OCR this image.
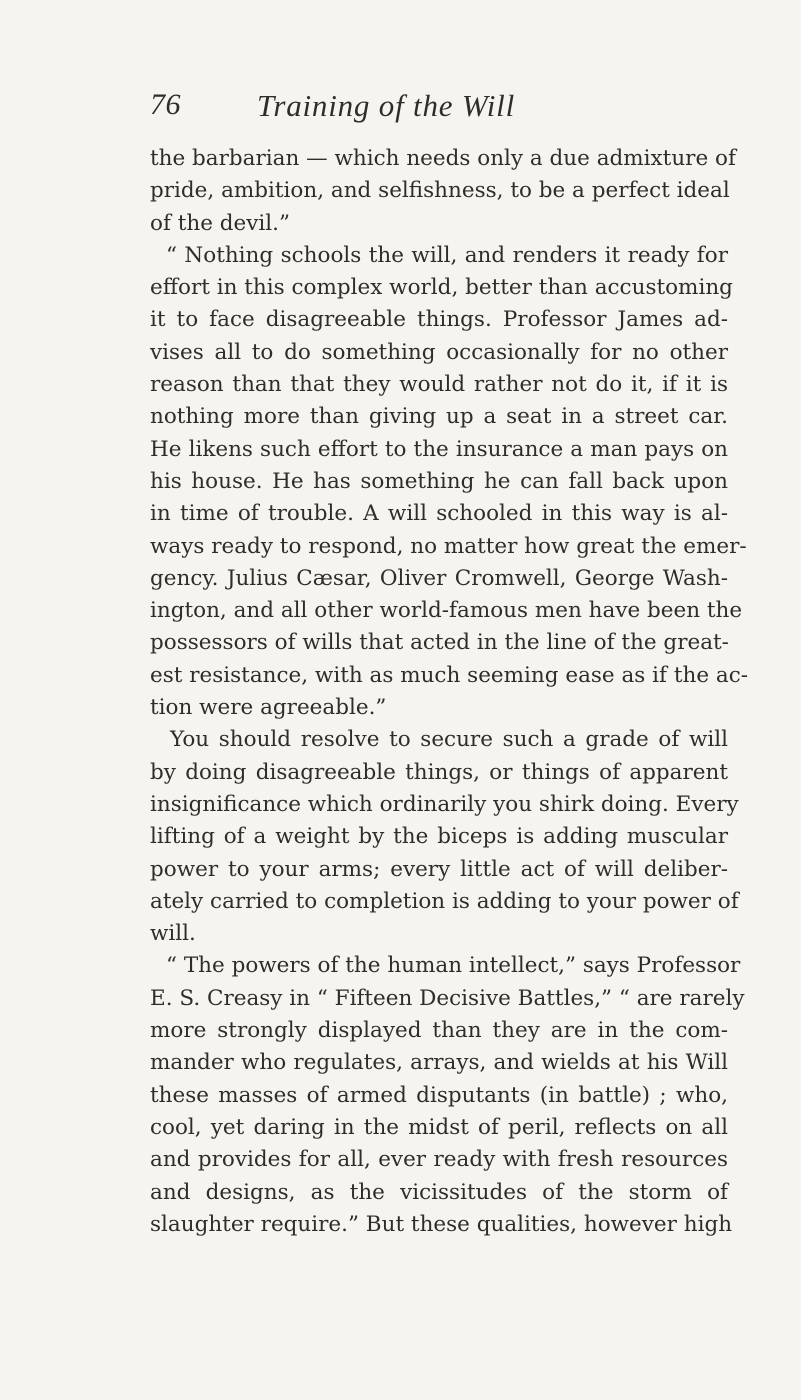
76 Training of the Will
the barbarian — which needs only a due admixture of
pride, ambition, and selfishness, to be a perfect ideal
of the devil.”
“ Nothing schools the will, and renders it ready for
effort in this complex world, better than accustoming
it to face disagreeable things. Professor James ad-
vises all to do something occasionally for no other
reason than that they would rather not do it, if it is
nothing more than giving up a seat in a street car.
He likens such effort to the insurance a man pays on
his house. He has something he can fall back upon
in time of trouble. A will schooled in this way is al-
ways ready to respond, no matter how great the emer-
gency. Julius Cæsar, Oliver Cromwell, George Wash-
ington, and all other world-famous men have been the
possessors of wills that acted in the line of the great-
est resistance, with as much seeming ease as if the ac-
tion were agreeable.”
You should resolve to secure such a grade of will
by doing disagreeable things, or things of apparent
insignificance which ordinarily you shirk doing. Every
lifting of a weight by the biceps is adding muscular
power to your arms; every little act of will deliber-
ately carried to completion is adding to your power of
will.
“ The powers of the human intellect,” says Professor
E. S. Creasy in “ Fifteen Decisive Battles,” “ are rarely
more strongly displayed than they are in the com-
mander who regulates, arrays, and wields at his Will
these masses of armed disputants (in battle) ; who,
cool, yet daring in the midst of peril, reflects on all
and provides for all, ever ready with fresh resources
and designs, as the vicissitudes of the storm of
slaughter require.” But these qualities, however high
